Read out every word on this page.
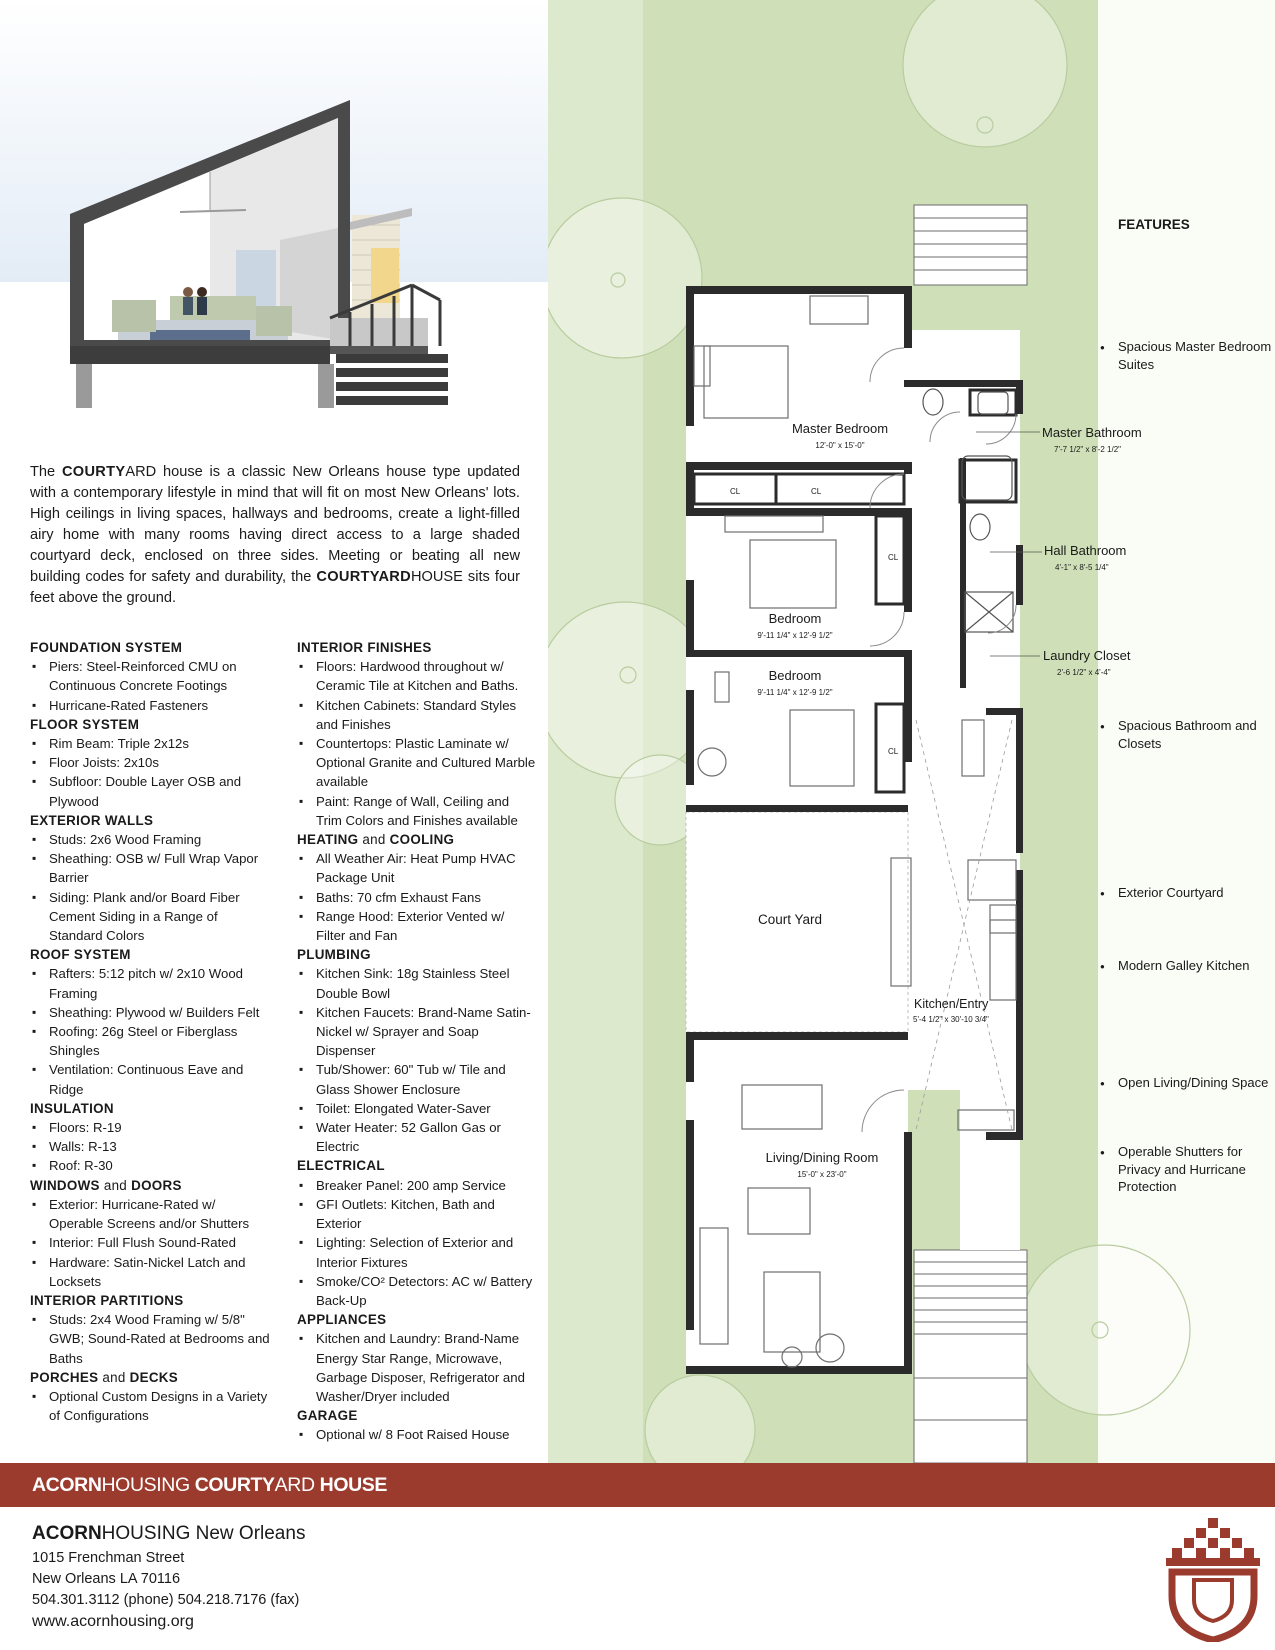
The COURTYARD house is a classic New Orleans house type updated with a contemporary lifestyle in mind that will fit on most New Orleans' lots. High ceilings in living spaces, hallways and bedrooms, create a light-filled airy home with many rooms having direct access to a large shaded courtyard deck, enclosed on three sides. Meeting or beating all new building codes for safety and durability, the COURTYARDHOUSE sits four feet above the ground.
FOUNDATION SYSTEM
▪ Piers: Steel-Reinforced CMU on Continuous Concrete Footings
▪ Hurricane-Rated Fasteners
FLOOR SYSTEM
▪ Rim Beam: Triple 2x12s
▪ Floor Joists: 2x10s
▪ Subfloor: Double Layer OSB and Plywood
EXTERIOR WALLS
▪ Studs: 2x6 Wood Framing
▪ Sheathing: OSB w/ Full Wrap Vapor Barrier
▪ Siding: Plank and/or Board Fiber Cement Siding in a Range of Standard Colors
ROOF SYSTEM
▪ Rafters: 5:12 pitch w/ 2x10 Wood Framing
▪ Sheathing: Plywood w/ Builders Felt
▪ Roofing: 26g Steel or Fiberglass Shingles
▪ Ventilation: Continuous Eave and Ridge
INSULATION
▪ Floors: R-19
▪ Walls: R-13
▪ Roof: R-30
WINDOWS and DOORS
▪ Exterior: Hurricane-Rated w/ Operable Screens and/or Shutters
▪ Interior: Full Flush Sound-Rated
▪ Hardware: Satin-Nickel Latch and Locksets
INTERIOR PARTITIONS
▪ Studs: 2x4 Wood Framing w/ 5/8" GWB; Sound-Rated at Bedrooms and Baths
PORCHES and DECKS
▪ Optional Custom Designs in a Variety of Configurations
INTERIOR FINISHES
▪ Floors: Hardwood throughout w/ Ceramic Tile at Kitchen and Baths.
▪ Kitchen Cabinets: Standard Styles and Finishes
▪ Countertops: Plastic Laminate w/ Optional Granite and Cultured Marble available
▪ Paint: Range of Wall, Ceiling and Trim Colors and Finishes available
HEATING and COOLING
▪ All Weather Air: Heat Pump HVAC Package Unit
▪ Baths: 70 cfm Exhaust Fans
▪ Range Hood: Exterior Vented w/ Filter and Fan
PLUMBING
▪ Kitchen Sink: 18g Stainless Steel Double Bowl
▪ Kitchen Faucets: Brand-Name Satin-Nickel w/ Sprayer and Soap Dispenser
▪ Tub/Shower: 60" Tub w/ Tile and Glass Shower Enclosure
▪ Toilet: Elongated Water-Saver
▪ Water Heater: 52 Gallon Gas or Electric
ELECTRICAL
▪ Breaker Panel: 200 amp Service
▪ GFI Outlets: Kitchen, Bath and Exterior
▪ Lighting: Selection of Exterior and Interior Fixtures
▪ Smoke/CO² Detectors: AC w/ Battery Back-Up
APPLIANCES
▪ Kitchen and Laundry: Brand-Name Energy Star Range, Microwave, Garbage Disposer, Refrigerator and Washer/Dryer included
GARAGE
▪ Optional w/ 8 Foot Raised House
Master Bedroom
12'-0" x 15'-0"
Master Bathroom
7'-7 1/2" x 8'-2 1/2"
Hall Bathroom
4'-1" x 8'-5 1/4"
Bedroom
9'-11 1/4" x 12'-9 1/2"
Bedroom
9'-11 1/4" x 12'-9 1/2"
Laundry Closet
2'-6 1/2" x 4'-4"
Court Yard
Kitchen/Entry
5'-4 1/2" x 30'-10 3/4"
Living/Dining Room
15'-0" x 23'-0"
CL	CL
CL
CL
FEATURES
● Spacious Master Bedroom Suites
● Spacious Bathroom and Closets
● Exterior Courtyard
● Modern Galley Kitchen
● Open Living/Dining Space
● Operable Shutters for Privacy and Hurricane Protection
ACORNHOUSING COURTYARD HOUSE
ACORNHOUSING New Orleans
1015 Frenchman Street
New Orleans LA 70116
504.301.3112 (phone) 504.218.7176 (fax)
www.acornhousing.org
